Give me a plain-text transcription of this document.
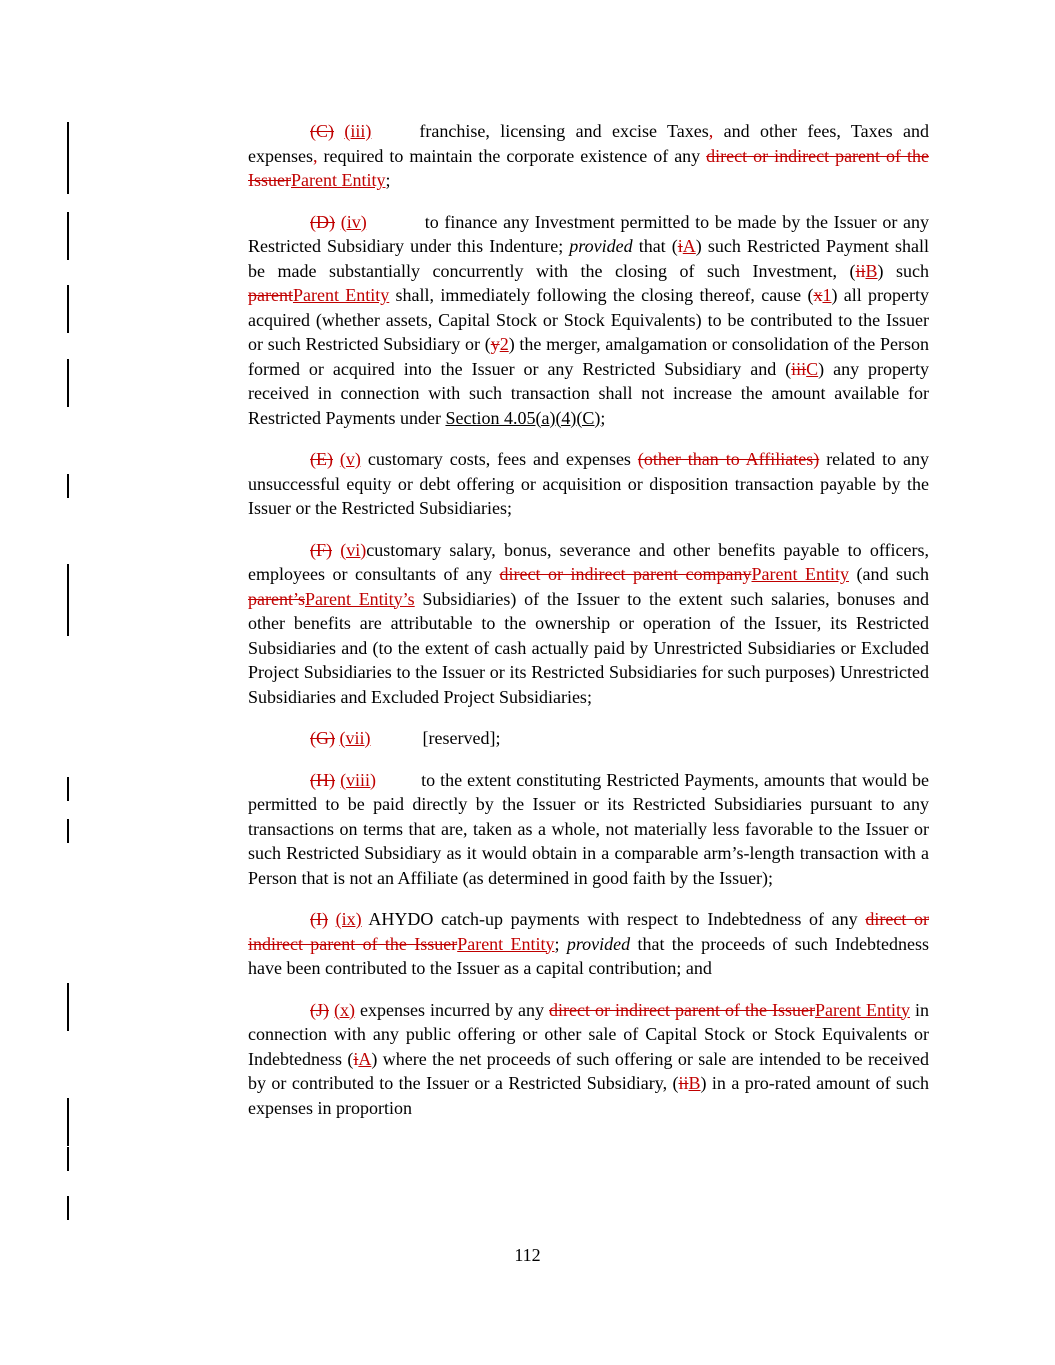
(C) (iii)	franchise, licensing and excise Taxes, and other fees, Taxes and expenses, required to maintain the corporate existence of any direct or indirect parent of the IssuerParent Entity;

(D) (iv)	to finance any Investment permitted to be made by the Issuer or any Restricted Subsidiary under this Indenture; provided that (iA) such Restricted Payment shall be made substantially concurrently with the closing of such Investment, (iiB) such parentParent Entity shall, immediately following the closing thereof, cause (x1) all property acquired (whether assets, Capital Stock or Stock Equivalents) to be contributed to the Issuer or such Restricted Subsidiary or (y2) the merger, amalgamation or consolidation of the Person formed or acquired into the Issuer or any Restricted Subsidiary and (iiiC) any property received in connection with such transaction shall not increase the amount available for Restricted Payments under Section 4.05(a)(4)(C);

(E) (v) customary costs, fees and expenses (other than to Affiliates) related to any unsuccessful equity or debt offering or acquisition or disposition transaction payable by the Issuer or the Restricted Subsidiaries;

(F) (vi)customary salary, bonus, severance and other benefits payable to officers, employees or consultants of any direct or indirect parent companyParent Entity (and such parent’sParent Entity’s Subsidiaries) of the Issuer to the extent such salaries, bonuses and other benefits are attributable to the ownership or operation of the Issuer, its Restricted Subsidiaries and (to the extent of cash actually paid by Unrestricted Subsidiaries or Excluded Project Subsidiaries to the Issuer or its Restricted Subsidiaries for such purposes) Unrestricted Subsidiaries and Excluded Project Subsidiaries;

(G) (vii)	[reserved];

(H) (viii)	to the extent constituting Restricted Payments, amounts that would be permitted to be paid directly by the Issuer or its Restricted Subsidiaries pursuant to any transactions on terms that are, taken as a whole, not materially less favorable to the Issuer or such Restricted Subsidiary as it would obtain in a comparable arm’s-length transaction with a Person that is not an Affiliate (as determined in good faith by the Issuer);

(I) (ix) AHYDO catch-up payments with respect to Indebtedness of any direct or indirect parent of the IssuerParent Entity; provided that the proceeds of such Indebtedness have been contributed to the Issuer as a capital contribution; and

(J) (x) expenses incurred by any direct or indirect parent of the IssuerParent Entity in connection with any public offering or other sale of Capital Stock or Stock Equivalents or Indebtedness (iA) where the net proceeds of such offering or sale are intended to be received by or contributed to the Issuer or a Restricted Subsidiary, (iiB) in a pro-rated amount of such expenses in proportion

112
